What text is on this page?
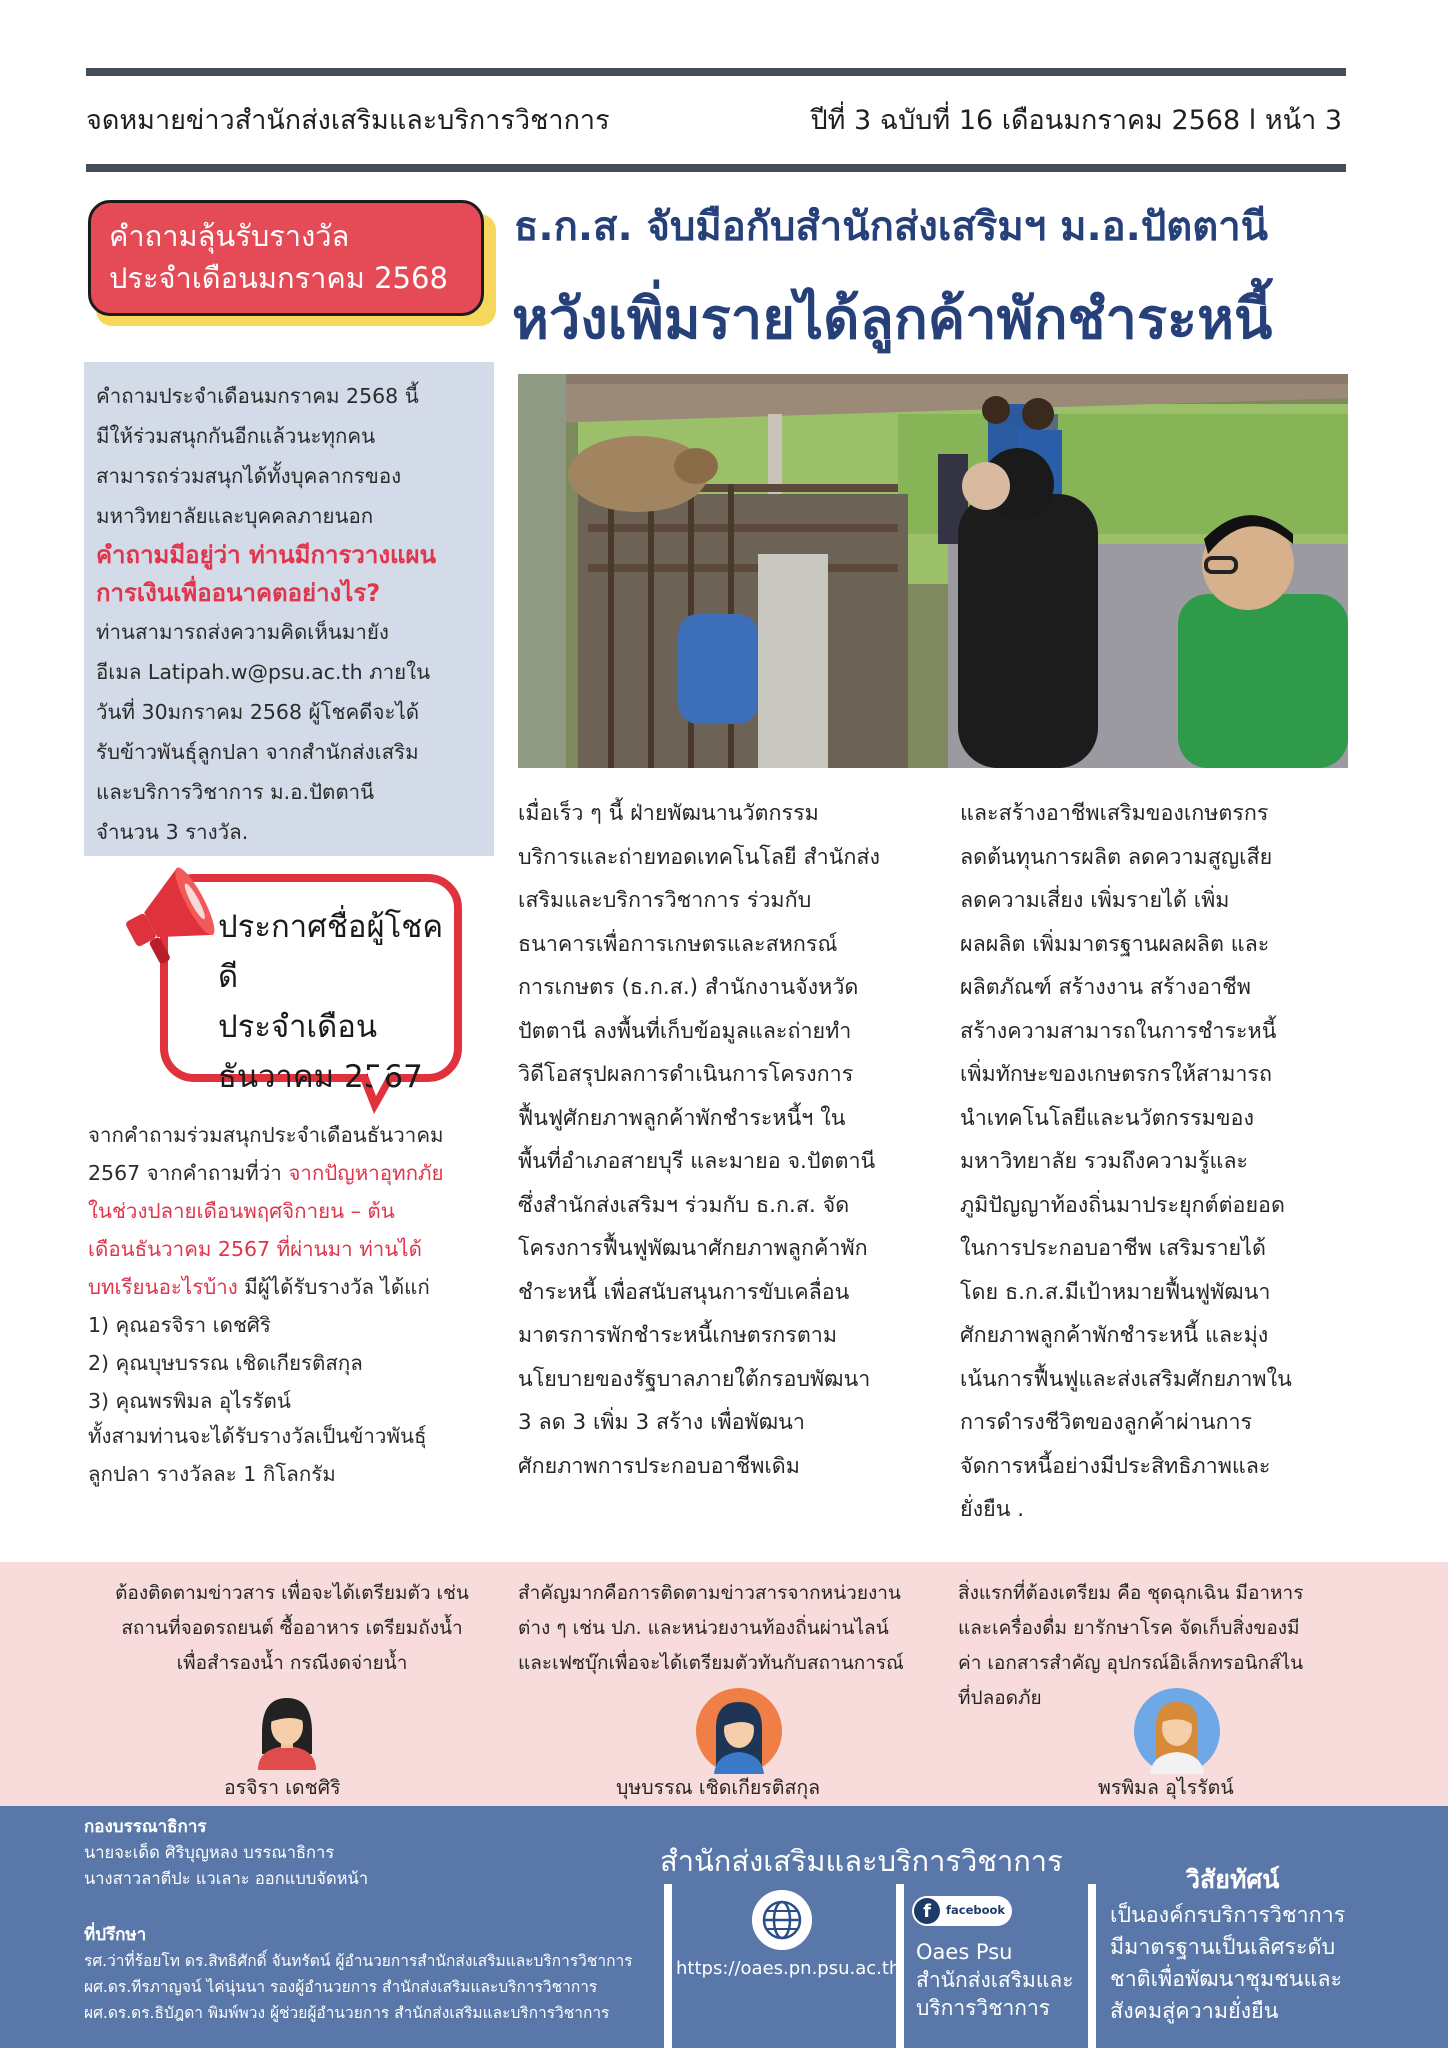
จดหมายข่าวสำนักส่งเสริมและบริการวิชาการ	ปีที่ 3 ฉบับที่ 16 เดือนมกราคม 2568 l หน้า 3
คำถามลุ้นรับรางวัล
ประจำเดือนมกราคม 2568
คำถามประจำเดือนมกราคม 2568 นี้
มีให้ร่วมสนุกกันอีกแล้วนะทุกคน
สามารถร่วมสนุกได้ทั้งบุคลากรของ
มหาวิทยาลัยและบุคคลภายนอก
คำถามมีอยู่ว่า ท่านมีการวางแผน
การเงินเพื่ออนาคตอย่างไร?
ท่านสามารถส่งความคิดเห็นมายัง
อีเมล Latipah.w@psu.ac.th ภายใน
วันที่ 30มกราคม 2568 ผู้โชคดีจะได้
รับข้าวพันธุ์ลูกปลา จากสำนักส่งเสริม
และบริการวิชาการ ม.อ.ปัตตานี
จำนวน 3 รางวัล.
ประกาศชื่อผู้โชคดี
ประจำเดือน
ธันวาคม 2567
จากคำถามร่วมสนุกประจำเดือนธันวาคม
2567 จากคำถามที่ว่า จากปัญหาอุทกภัย
ในช่วงปลายเดือนพฤศจิกายน – ต้น
เดือนธันวาคม 2567 ที่ผ่านมา ท่านได้
บทเรียนอะไรบ้าง มีผู้ได้รับรางวัล ได้แก่
1) คุณอรจิรา เดชศิริ
2) คุณบุษบรรณ เชิดเกียรติสกุล
3) คุณพรพิมล อุไรรัตน์
ทั้งสามท่านจะได้รับรางวัลเป็นข้าวพันธุ์
ลูกปลา รางวัลละ 1 กิโลกรัม
ธ.ก.ส. จับมือกับสำนักส่งเสริมฯ ม.อ.ปัตตานี
หวังเพิ่มรายได้ลูกค้าพักชำระหนี้
เมื่อเร็ว ๆ นี้ ฝ่ายพัฒนานวัตกรรม
บริการและถ่ายทอดเทคโนโลยี สำนักส่ง
เสริมและบริการวิชาการ ร่วมกับ
ธนาคารเพื่อการเกษตรและสหกรณ์
การเกษตร (ธ.ก.ส.) สำนักงานจังหวัด
ปัตตานี ลงพื้นที่เก็บข้อมูลและถ่ายทำ
วิดีโอสรุปผลการดำเนินการโครงการ
ฟื้นฟูศักยภาพลูกค้าพักชำระหนี้ฯ ใน
พื้นที่อำเภอสายบุรี และมายอ จ.ปัตตานี
ซึ่งสำนักส่งเสริมฯ ร่วมกับ ธ.ก.ส. จัด
โครงการฟื้นฟูพัฒนาศักยภาพลูกค้าพัก
ชำระหนี้ เพื่อสนับสนุนการขับเคลื่อน
มาตรการพักชำระหนี้เกษตรกรตาม
นโยบายของรัฐบาลภายใต้กรอบพัฒนา
3 ลด 3 เพิ่ม 3 สร้าง เพื่อพัฒนา
ศักยภาพการประกอบอาชีพเดิม
และสร้างอาชีพเสริมของเกษตรกร
ลดต้นทุนการผลิต ลดความสูญเสีย
ลดความเสี่ยง เพิ่มรายได้ เพิ่ม
ผลผลิต เพิ่มมาตรฐานผลผลิต และ
ผลิตภัณฑ์ สร้างงาน สร้างอาชีพ
สร้างความสามารถในการชำระหนี้
เพิ่มทักษะของเกษตรกรให้สามารถ
นำเทคโนโลยีและนวัตกรรมของ
มหาวิทยาลัย รวมถึงความรู้และ
ภูมิปัญญาท้องถิ่นมาประยุกต์ต่อยอด
ในการประกอบอาชีพ เสริมรายได้
โดย ธ.ก.ส.มีเป้าหมายฟื้นฟูพัฒนา
ศักยภาพลูกค้าพักชำระหนี้ และมุ่ง
เน้นการฟื้นฟูและส่งเสริมศักยภาพใน
การดำรงชีวิตของลูกค้าผ่านการ
จัดการหนี้อย่างมีประสิทธิภาพและ
ยั่งยืน .
ต้องติดตามข่าวสาร เพื่อจะได้เตรียมตัว เช่น
สถานที่จอดรถยนต์ ซื้ออาหาร เตรียมถังน้ำ
เพื่อสำรองน้ำ กรณีงดจ่ายน้ำ
สำคัญมากคือการติดตามข่าวสารจากหน่วยงาน
ต่าง ๆ เช่น ปภ. และหน่วยงานท้องถิ่นผ่านไลน์
และเฟซบุ๊กเพื่อจะได้เตรียมตัวทันกับสถานการณ์
สิ่งแรกที่ต้องเตรียม คือ ชุดฉุกเฉิน มีอาหาร
และเครื่องดื่ม ยารักษาโรค จัดเก็บสิ่งของมี
ค่า เอกสารสำคัญ อุปกรณ์อิเล็กทรอนิกส์ไน
ที่ปลอดภัย
อรจิรา เดชศิริ	บุษบรรณ เชิดเกียรติสกุล	พรพิมล อุไรรัตน์
กองบรรณาธิการ
นายจะเด็ด ศิริบุญหลง บรรณาธิการ
นางสาวลาตีปะ แวเลาะ ออกแบบจัดหน้า
ที่ปรึกษา
รศ.ว่าที่ร้อยโท ดร.สิทธิศักดิ์ จันทรัตน์ ผู้อำนวยการสำนักส่งเสริมและบริการวิชาการ
ผศ.ดร.ทีรภาญจน์ ไค่นุ่นนา รองผู้อำนวยการ สำนักส่งเสริมและบริการวิชาการ
ผศ.ดร.ดร.ธิบัฎดา พิมพ์พวง ผู้ช่วยผู้อำนวยการ สำนักส่งเสริมและบริการวิชาการ
สำนักส่งเสริมและบริการวิชาการ
https://oaes.pn.psu.ac.th
f	facebook
Oaes Psu
สำนักส่งเสริมและ
บริการวิชาการ
วิสัยทัศน์
เป็นองค์กรบริการวิชาการ
มีมาตรฐานเป็นเลิศระดับ
ชาติเพื่อพัฒนาชุมชนและ
สังคมสู่ความยั่งยืน
